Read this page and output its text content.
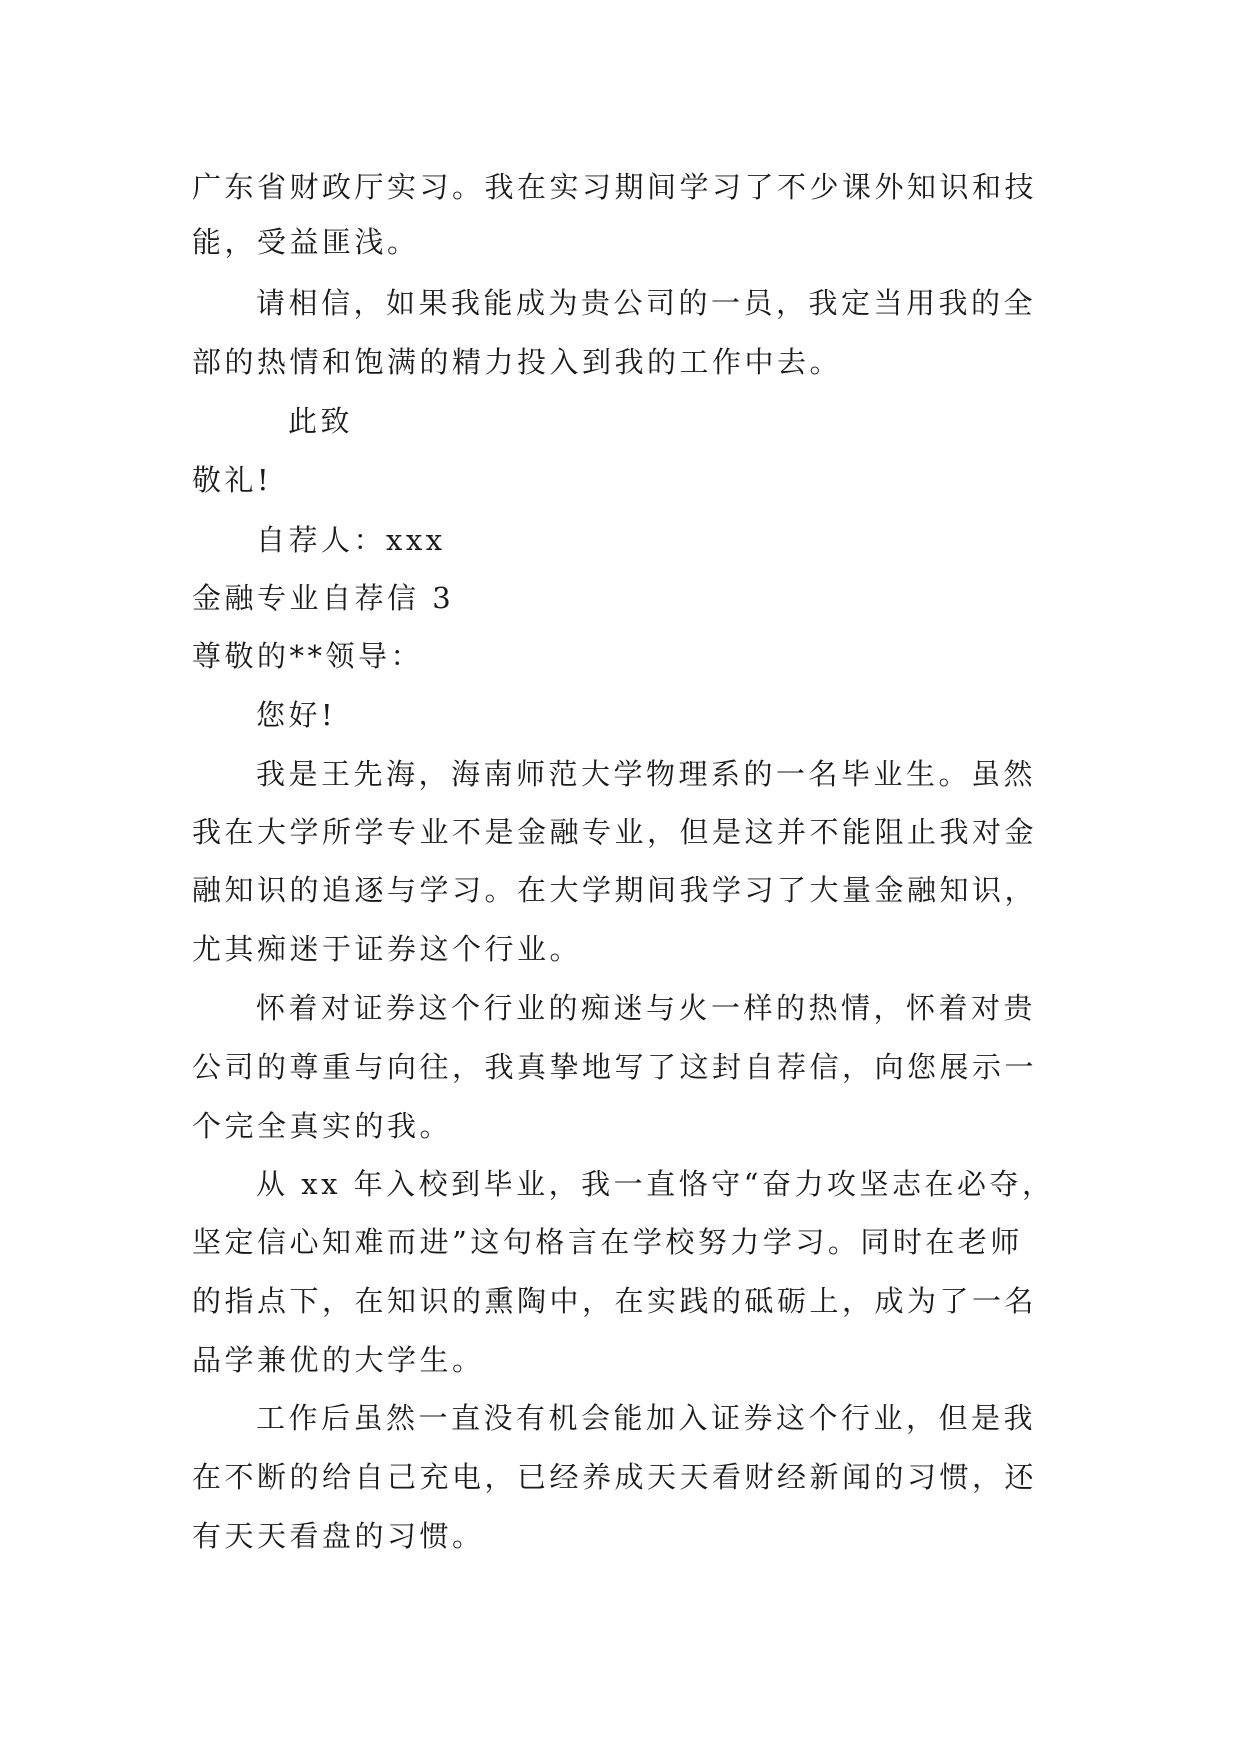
广东省财政厅实习。我在实习期间学习了不少课外知识和技
能，受益匪浅。
请相信，如果我能成为贵公司的一员，我定当用我的全
部的热情和饱满的精力投入到我的工作中去。
此致
敬礼!
自荐人：xxx
金融专业自荐信 3
尊敬的**领导：
您好!
我是王先海，海南师范大学物理系的一名毕业生。虽然
我在大学所学专业不是金融专业，但是这并不能阻止我对金
融知识的追逐与学习。在大学期间我学习了大量金融知识，
尤其痴迷于证券这个行业。
怀着对证券这个行业的痴迷与火一样的热情，怀着对贵
公司的尊重与向往，我真挚地写了这封自荐信，向您展示一
个完全真实的我。
从 xx 年入校到毕业，我一直恪守“奋力攻坚志在必夺，
坚定信心知难而进”这句格言在学校努力学习。同时在老师
的指点下，在知识的熏陶中，在实践的砥砺上，成为了一名
品学兼优的大学生。
工作后虽然一直没有机会能加入证券这个行业，但是我
在不断的给自己充电，已经养成天天看财经新闻的习惯，还
有天天看盘的习惯。
